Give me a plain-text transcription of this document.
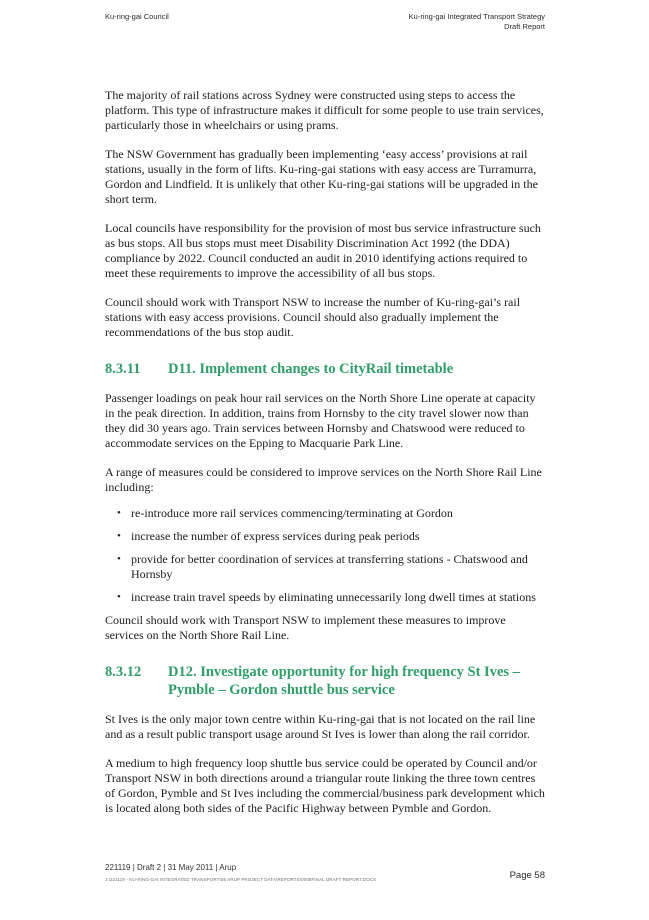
Ku-ring-gai Council	Ku-ring-gai Integrated Transport Strategy
Draft Report

The majority of rail stations across Sydney were constructed using steps to access the platform. This type of infrastructure makes it difficult for some people to use train services, particularly those in wheelchairs or using prams.

The NSW Government has gradually been implementing ‘easy access’ provisions at rail stations, usually in the form of lifts. Ku-ring-gai stations with easy access are Turramurra, Gordon and Lindfield. It is unlikely that other Ku-ring-gai stations will be upgraded in the short term.

Local councils have responsibility for the provision of most bus service infrastructure such as bus stops. All bus stops must meet Disability Discrimination Act 1992 (the DDA) compliance by 2022. Council conducted an audit in 2010 identifying actions required to meet these requirements to improve the accessibility of all bus stops.

Council should work with Transport NSW to increase the number of Ku-ring-gai’s rail stations with easy access provisions. Council should also gradually implement the recommendations of the bus stop audit.

8.3.11	D11. Implement changes to CityRail timetable

Passenger loadings on peak hour rail services on the North Shore Line operate at capacity in the peak direction. In addition, trains from Hornsby to the city travel slower now than they did 30 years ago. Train services between Hornsby and Chatswood were reduced to accommodate services on the Epping to Macquarie Park Line.

A range of measures could be considered to improve services on the North Shore Rail Line including:

• re-introduce more rail services commencing/terminating at Gordon
• increase the number of express services during peak periods
• provide for better coordination of services at transferring stations - Chatswood and Hornsby
• increase train travel speeds by eliminating unnecessarily long dwell times at stations

Council should work with Transport NSW to implement these measures to improve services on the North Shore Rail Line.

8.3.12	D12. Investigate opportunity for high frequency St Ives – Pymble – Gordon shuttle bus service

St Ives is the only major town centre within Ku-ring-gai that is not located on the rail line and as a result public transport usage around St Ives is lower than along the rail corridor.

A medium to high frequency loop shuttle bus service could be operated by Council and/or Transport NSW in both directions around a triangular route linking the three town centres of Gordon, Pymble and St Ives including the commercial/business park development which is located along both sides of the Pacific Highway between Pymble and Gordon.

221119 | Draft 2 | 31 May 2011 | Arup
J:\221119 - KU-RING-GAI INTEGRATED TRANSPORT\05 ARUP PROJECT DATA\REPORTS\0008FINAL DRAFT REPORT.DOCX	Page 58
